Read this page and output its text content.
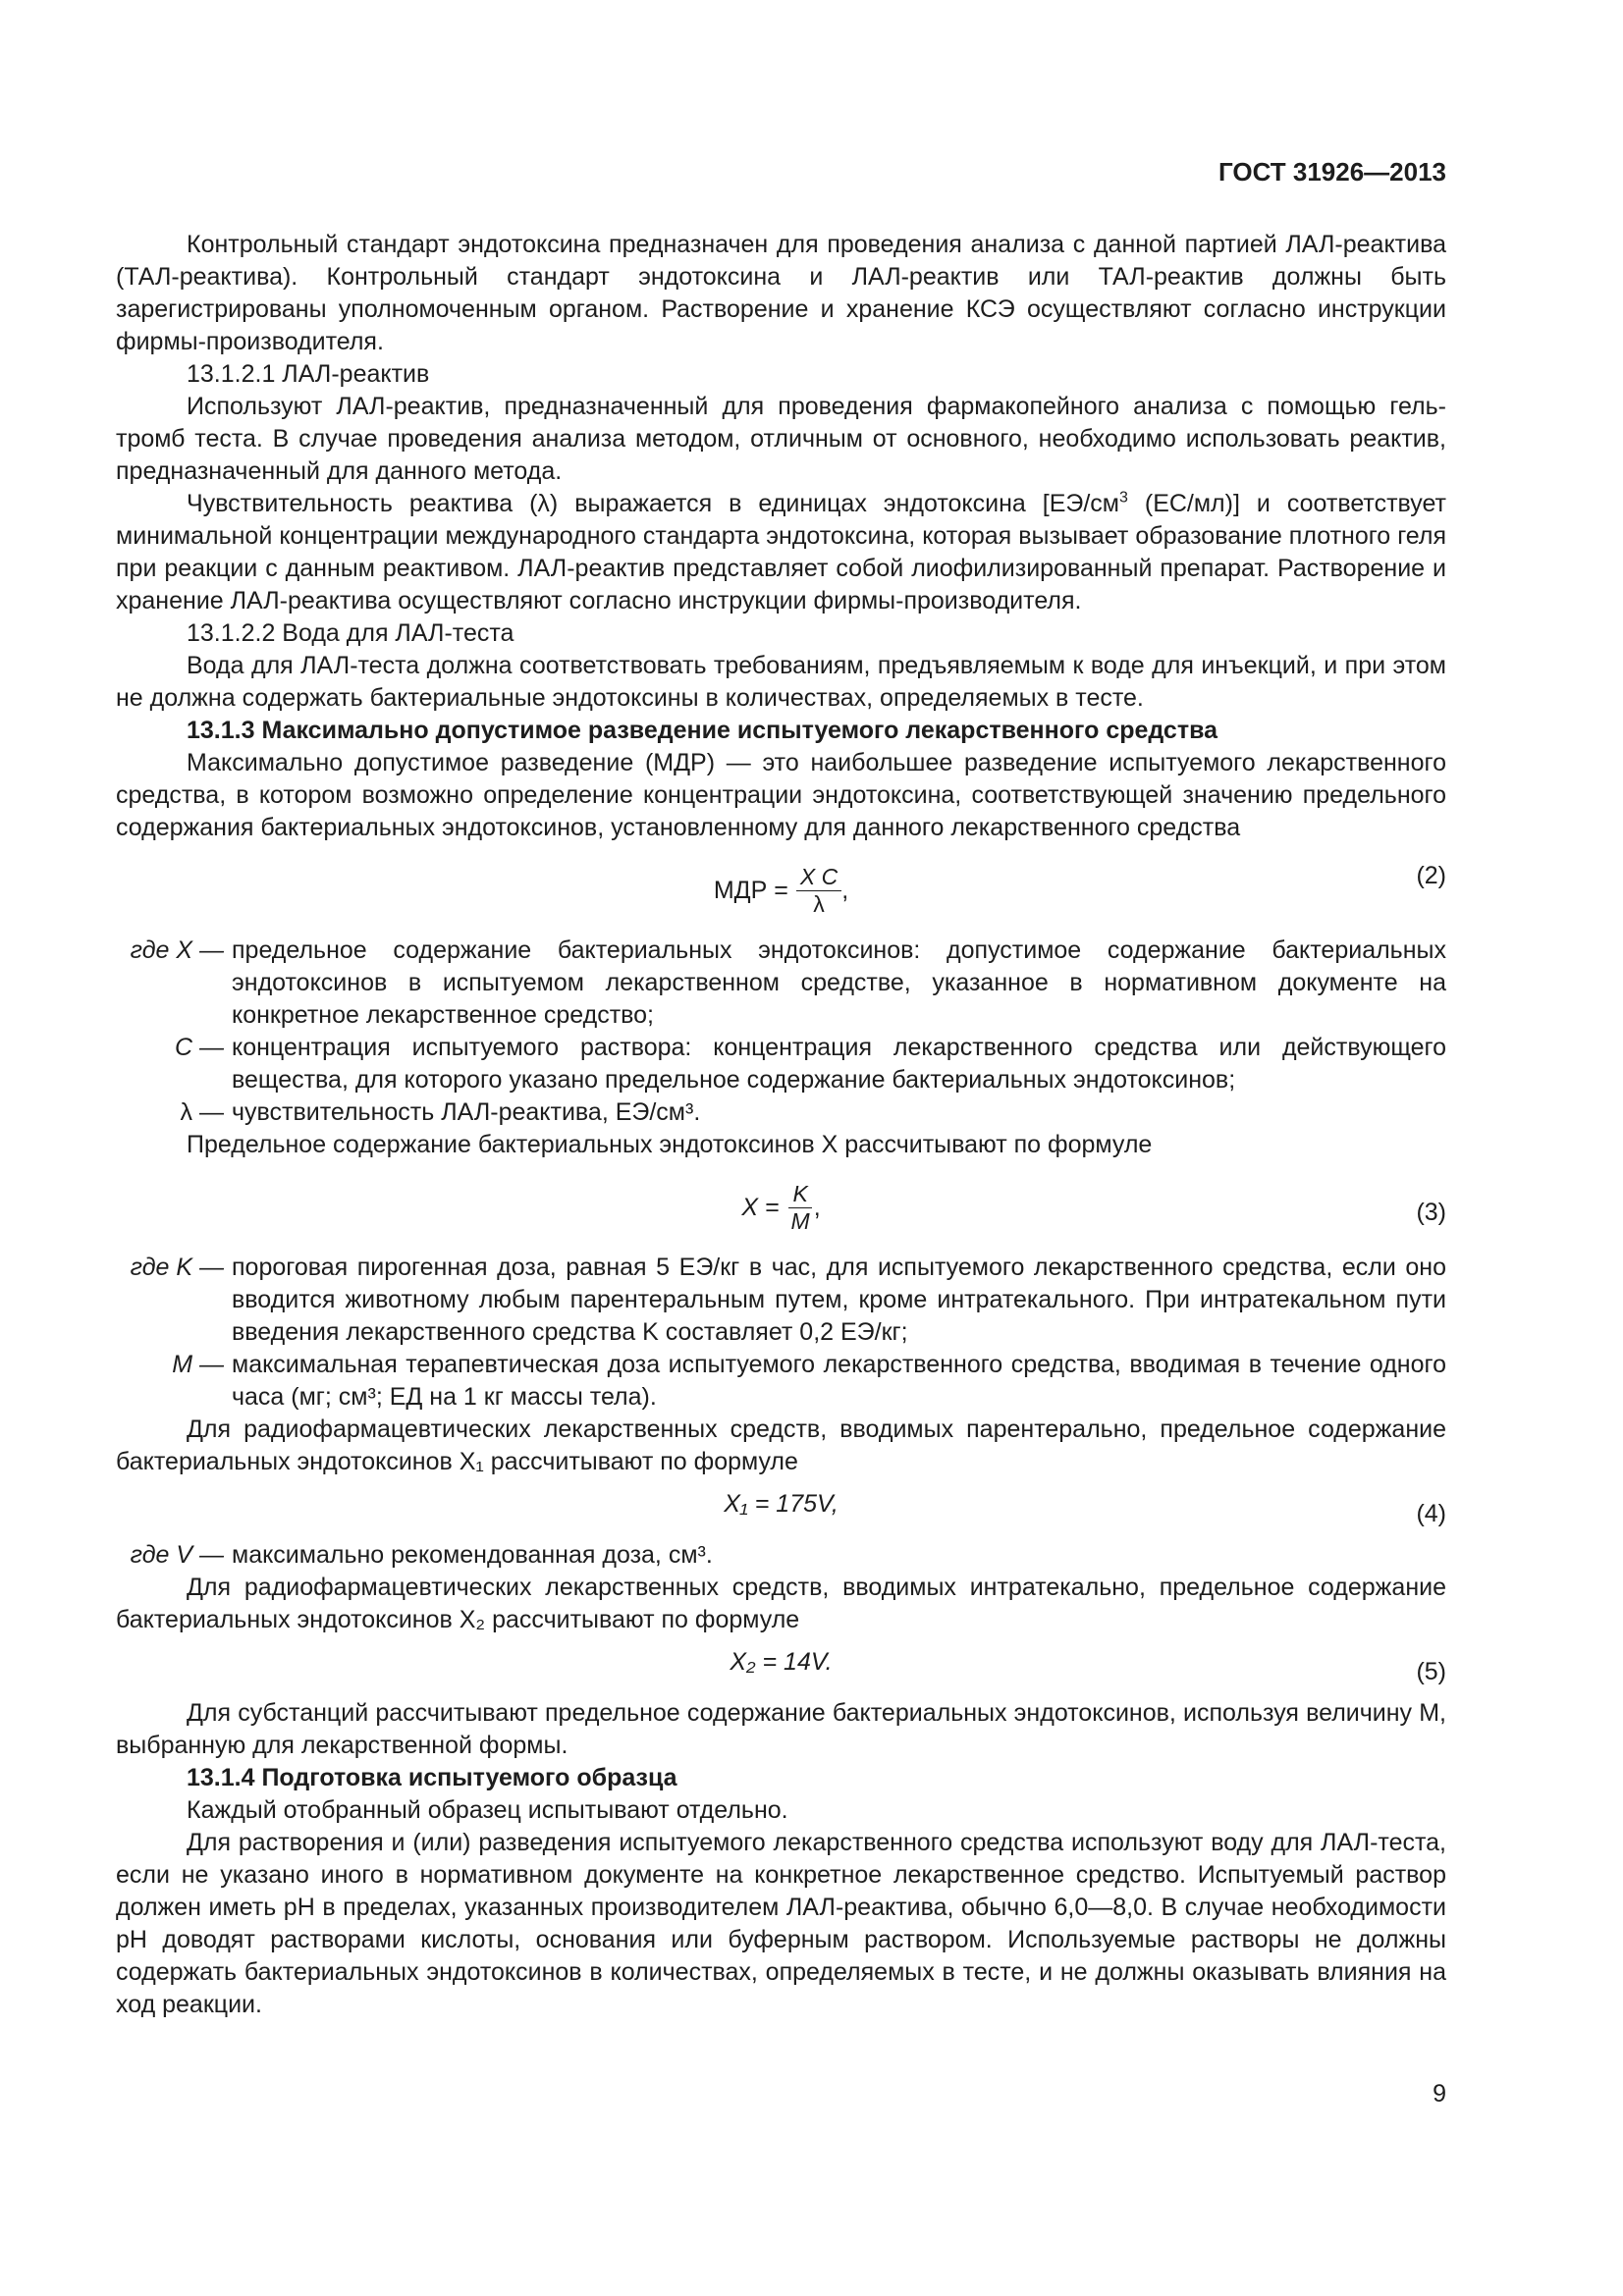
ГОСТ 31926—2013

Контрольный стандарт эндотоксина предназначен для проведения анализа с данной партией ЛАЛ-реактива (ТАЛ-реактива). Контрольный стандарт эндотоксина и ЛАЛ-реактив или ТАЛ-реактив должны быть зарегистрированы уполномоченным органом. Растворение и хранение КСЭ осуществляют согласно инструкции фирмы-производителя.

13.1.2.1 ЛАЛ-реактив

Используют ЛАЛ-реактив, предназначенный для проведения фармакопейного анализа с помощью гель-тромб теста. В случае проведения анализа методом, отличным от основного, необходимо использовать реактив, предназначенный для данного метода.

Чувствительность реактива (λ) выражается в единицах эндотоксина [$ЕЭ/см^3$ (ЕС/мл)] и соответствует минимальной концентрации международного стандарта эндотоксина, которая вызывает образование плотного геля при реакции с данным реактивом. ЛАЛ-реактив представляет собой лиофилизированный препарат. Растворение и хранение ЛАЛ-реактива осуществляют согласно инструкции фирмы-производителя.

13.1.2.2 Вода для ЛАЛ-теста

Вода для ЛАЛ-теста должна соответствовать требованиям, предъявляемым к воде для инъекций, и при этом не должна содержать бактериальные эндотоксины в количествах, определяемых в тесте.

13.1.3 Максимально допустимое разведение испытуемого лекарственного средства

Максимально допустимое разведение (МДР) — это наибольшее разведение испытуемого лекарственного средства, в котором возможно определение концентрации эндотоксина, соответствующей значению предельного содержания бактериальных эндотоксинов, установленному для данного лекарственного средства

МДР = $\frac{\text{X C}}{\lambda}$ ,
(2)
где X — предельное содержание бактериальных эндотоксинов: допустимое содержание бактериальных эндотоксинов в испытуемом лекарственном средстве, указанное в нормативном документе на конкретное лекарственное средство;
С — концентрация испытуемого раствора: концентрация лекарственного средства или действующего вещества, для которого указано предельное содержание бактериальных эндотоксинов;
λ — чувствительность ЛАЛ-реактива, ЕЭ/см³.

Предельное содержание бактериальных эндотоксинов X рассчитывают по формуле

$X = \frac{K}{M}$ ,	(3)
где K — пороговая пирогенная доза, равная 5 ЕЭ/кг в час, для испытуемого лекарственного средства, если оно вводится животному любым парентеральным путем, кроме интратекального. При интратекальном пути введения лекарственного средства K составляет 0,2 ЕЭ/кг;
M — максимальная терапевтическая доза испытуемого лекарственного средства, вводимая в течение одного часа (мг; см³; ЕД на 1 кг массы тела).

Для радиофармацевтических лекарственных средств, вводимых парентерально, предельное содержание бактериальных эндотоксинов X₁ рассчитывают по формуле

X₁ = 175V,	(4)
где V — максимально рекомендованная доза, см³.

Для радиофармацевтических лекарственных средств, вводимых интратекально, предельное содержание бактериальных эндотоксинов X₂ рассчитывают по формуле

X₂ = 14V.	(5)

Для субстанций рассчитывают предельное содержание бактериальных эндотоксинов, используя величину М, выбранную для лекарственной формы.

13.1.4 Подготовка испытуемого образца

Каждый отобранный образец испытывают отдельно.

Для растворения и (или) разведения испытуемого лекарственного средства используют воду для ЛАЛ-теста, если не указано иного в нормативном документе на конкретное лекарственное средство. Испытуемый раствор должен иметь pH в пределах, указанных производителем ЛАЛ-реактива, обычно 6,0—8,0. В случае необходимости pH доводят растворами кислоты, основания или буферным раствором. Используемые растворы не должны содержать бактериальных эндотоксинов в количествах, определяемых в тесте, и не должны оказывать влияния на ход реакции.

9
